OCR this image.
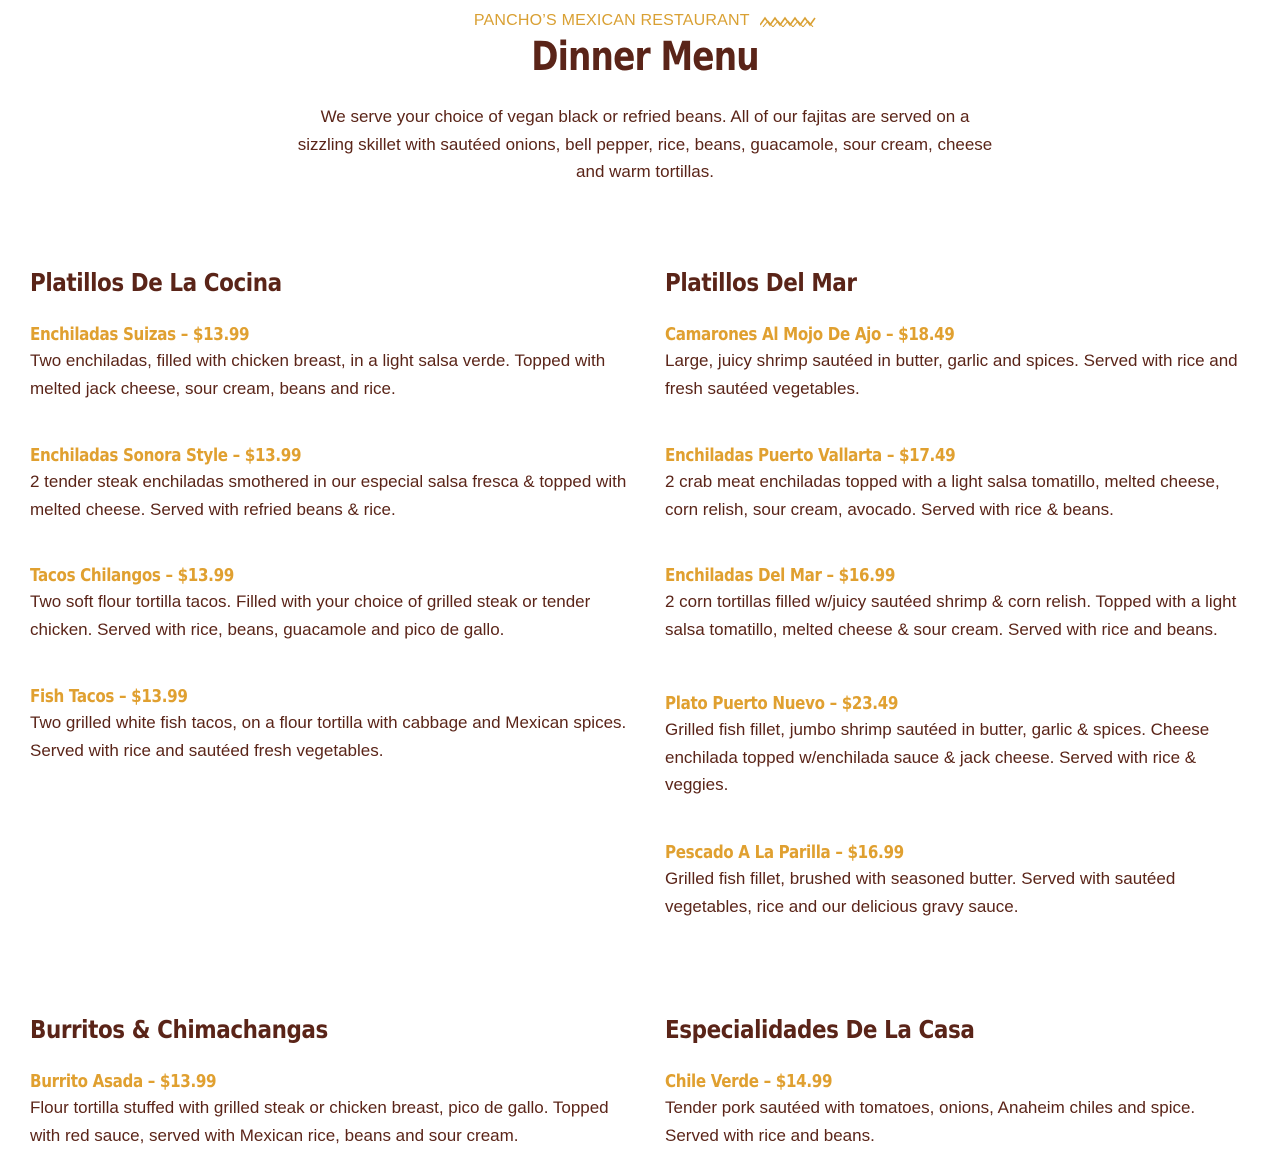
PANCHO’S MEXICAN RESTAURANT
Dinner Menu
We serve your choice of vegan black or refried beans. All of our fajitas are served on a sizzling skillet with sautéed onions, bell pepper, rice, beans, guacamole, sour cream, cheese and warm tortillas.
Platillos De La Cocina
Enchiladas Suizas – $13.99
Two enchiladas, filled with chicken breast, in a light salsa verde. Topped with melted jack cheese, sour cream, beans and rice.
Enchiladas Sonora Style – $13.99
2 tender steak enchiladas smothered in our especial salsa fresca & topped with melted cheese. Served with refried beans & rice.
Tacos Chilangos – $13.99
Two soft flour tortilla tacos. Filled with your choice of grilled steak or tender chicken. Served with rice, beans, guacamole and pico de gallo.
Fish Tacos – $13.99
Two grilled white fish tacos, on a flour tortilla with cabbage and Mexican spices. Served with rice and sautéed fresh vegetables.
Platillos Del Mar
Camarones Al Mojo De Ajo – $18.49
Large, juicy shrimp sautéed in butter, garlic and spices. Served with rice and fresh sautéed vegetables.
Enchiladas Puerto Vallarta – $17.49
2 crab meat enchiladas topped with a light salsa tomatillo, melted cheese, corn relish, sour cream, avocado. Served with rice & beans.
Enchiladas Del Mar – $16.99
2 corn tortillas filled w/juicy sautéed shrimp & corn relish. Topped with a light salsa tomatillo, melted cheese & sour cream. Served with rice and beans.
Plato Puerto Nuevo – $23.49
Grilled fish fillet, jumbo shrimp sautéed in butter, garlic & spices. Cheese enchilada topped w/enchilada sauce & jack cheese. Served with rice & veggies.
Pescado A La Parilla – $16.99
Grilled fish fillet, brushed with seasoned butter. Served with sautéed vegetables, rice and our delicious gravy sauce.
Burritos & Chimachangas
Burrito Asada – $13.99
Flour tortilla stuffed with grilled steak or chicken breast, pico de gallo. Topped with red sauce, served with Mexican rice, beans and sour cream.
Especialidades De La Casa
Chile Verde – $14.99
Tender pork sautéed with tomatoes, onions, Anaheim chiles and spice. Served with rice and beans.
